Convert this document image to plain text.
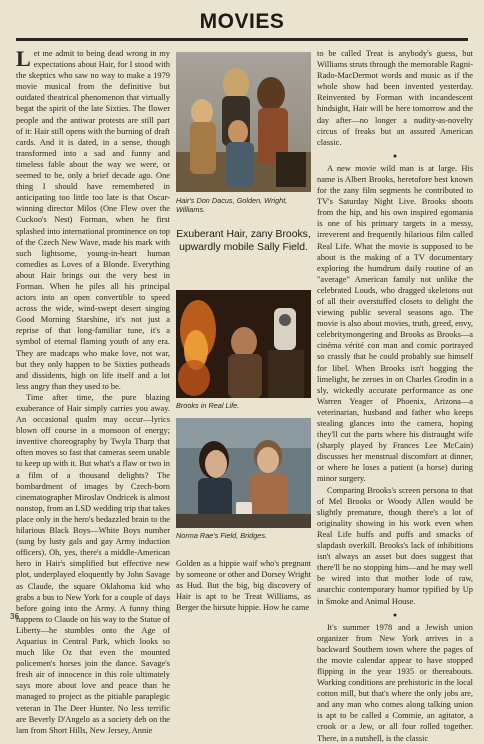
MOVIES

Let me admit to being dead wrong in my expectations about Hair, for I stood with the skeptics who saw no way to make a 1979 movie musical from the definitive but outdated theatrical phenomenon that virtually begat the spirit of the late Sixties. The flower people and the antiwar protests are still part of it: Hair still opens with the burning of draft cards. And it is dated, in a sense, though transformed into a sad and funny and timeless fable about the way we were, or seemed to be, only a brief decade ago. One thing I should have remembered in anticipating too little too late is that Oscar-winning director Milos (One Flew over the Cuckoo's Nest) Forman, when he first splashed into international prominence on top of the Czech New Wave, made his mark with such lightsome, young-in-heart human comedies as Loves of a Blonde. Everything about Hair brings out the very best in Forman. When he piles all his principal actors into an open convertible to speed across the wide, wind-swept desert singing Good Morning Starshine, it's not just a reprise of that long-familiar tune, it's a symbol of eternal flaming youth of any era. They are madcaps who make love, not war, but they only happen to be Sixties potheads and dissidents, high on life itself and a lot less angry than they used to be.

Time after time, the pure blazing exuberance of Hair simply carries you away. An occasional qualm may occur—lyrics blown off course in a monsoon of energy; inventive choreography by Twyla Tharp that often moves so fast that cameras seem unable to keep up with it. But what's a flaw or two in a film of a thousand delights? The bombardment of images by Czech-born cinematographer Miroslav Ondricek is almost nonstop, from an LSD wedding trip that takes place only in the hero's bedazzled brain to the hilarious Black Boys—White Boys number (sung by lusty gals and gay Army induction officers). Oh, yes, there's a middle-American hero in Hair's simplified but effective new plot, underplayed eloquently by John Savage as Claude, the square Oklahoma kid who grabs a bus to New York for a couple of days before going into the Army. A funny thing happens to Claude on his way to the Statue of Liberty—he stumbles onto the Age of Aquarius in Central Park, which looks so much like Oz that even the mounted policemen's horses join the dance. Savage's fresh air of innocence in this role ultimately says more about love and peace than he managed to project as the pitiable paraplegic veteran in The Deer Hunter. No less terrific are Beverly D'Angelo as a society deb on the lam from Short Hills, New Jersey, Annie

Hair's Don Dacus, Golden, Wright, Williams.
Exuberant Hair, zany Brooks, upwardly mobile Sally Field.
Brooks in Real Life.
Norma Rae's Field, Bridges.

Golden as a hippie waif who's pregnant by someone or other and Dorsey Wright as Hud. But the big, big discovery of Hair is apt to be Treat Williams, as Berger the hirsute hippie. How he came

to be called Treat is anybody's guess, but Williams struts through the memorable Ragni-Rado-MacDermot words and music as if the whole show had been invented yesterday. Reinvented by Forman with incandescent hindsight, Hair will be here tomorrow and the day after—no longer a nudity-as-novelty circus of freaks but an assured American classic.

●

A new movie wild man is at large. His name is Albert Brooks, heretofore best known for the zany film segments he contributed to TV's Saturday Night Live. Brooks shoots from the hip, and his own inspired egomania is one of his primary targets in a messy, irreverent and frequently hilarious film called Real Life. What the movie is supposed to be about is the making of a TV documentary exploring the humdrum daily routine of an "average" American family not unlike the celebrated Louds, who dragged skeletons out of all their overstuffed closets to delight the viewing public several seasons ago. The movie is also about movies, truth, greed, envy, celebritymongering and Brooks as Brooks—a cinéma vérité con man and comic portrayed so crassly that he could probably sue himself for libel. When Brooks isn't hogging the limelight, he zeroes in on Charles Grodin in a sly, wickedly accurate performance as one Warren Yeager of Phoenix, Arizona—a veterinarian, husband and father who keeps stealing glances into the camera, hoping they'll cut the parts where his distraught wife (sharply played by Frances Lee McCain) discusses her menstrual discomfort at dinner, or where he loses a patient (a horse) during minor surgery.

Comparing Brooks's screen persona to that of Mel Brooks or Woody Allen would be slightly premature, though there's a lot of originality showing in his work even when Real Life huffs and puffs and smacks of slapdash overkill. Brooks's lack of inhibitions isn't always an asset but does suggest that there'll be no stopping him—and he may well be wired into that mother lode of raw, anarchic contemporary humor typified by Up in Smoke and Animal House.

●

It's summer 1978 and a Jewish union organizer from New York arrives in a backward Southern town where the pages of the movie calendar appear to have stopped flipping in the year 1935 or thereabouts. Working conditions are prehistoric in the local cotton mill, but that's where the only jobs are, and any man who comes along talking union is apt to be called a Commie, an agitator, a crook or a Jew, or all four rolled together. There, in a nutshell, is the classic

36
